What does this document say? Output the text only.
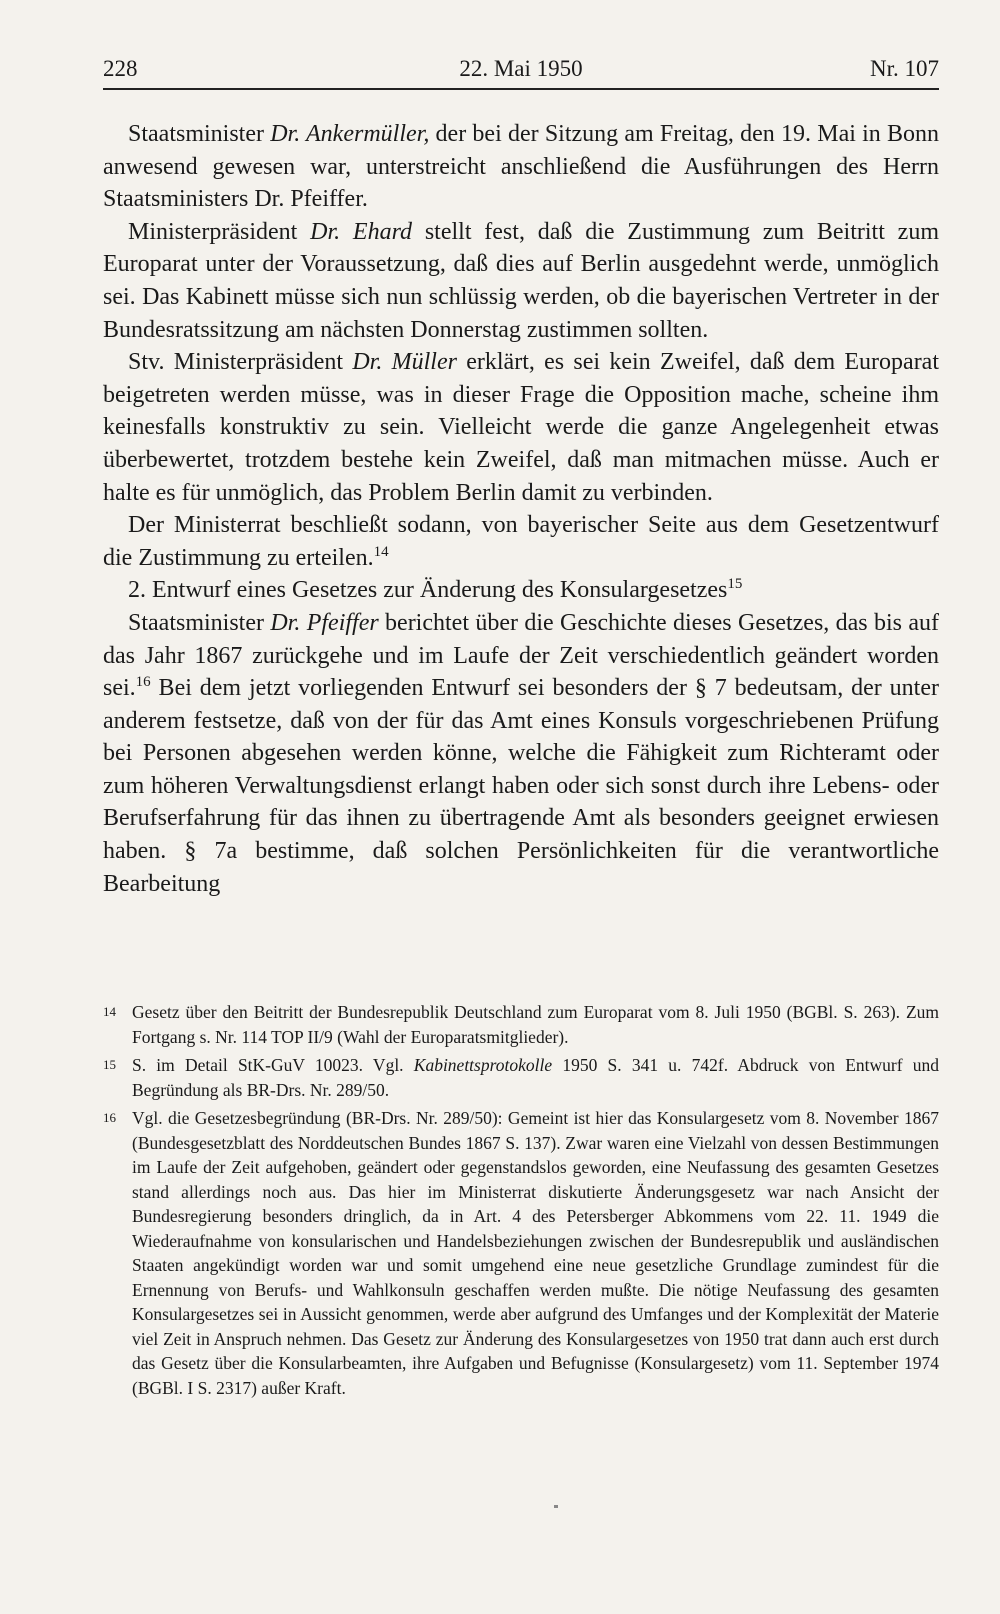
228	22. Mai 1950	Nr. 107

Staatsminister Dr. Ankermüller, der bei der Sitzung am Freitag, den 19. Mai in Bonn anwesend gewesen war, unterstreicht anschließend die Ausführungen des Herrn Staatsministers Dr. Pfeiffer.

Ministerpräsident Dr. Ehard stellt fest, daß die Zustimmung zum Beitritt zum Europarat unter der Voraussetzung, daß dies auf Berlin ausgedehnt werde, unmöglich sei. Das Kabinett müsse sich nun schlüssig werden, ob die bayerischen Vertreter in der Bundesratssitzung am nächsten Donnerstag zustimmen sollten.

Stv. Ministerpräsident Dr. Müller erklärt, es sei kein Zweifel, daß dem Europarat beigetreten werden müsse, was in dieser Frage die Opposition mache, scheine ihm keinesfalls konstruktiv zu sein. Vielleicht werde die ganze Angelegenheit etwas überbewertet, trotzdem bestehe kein Zweifel, daß man mitmachen müsse. Auch er halte es für unmöglich, das Problem Berlin damit zu verbinden.

Der Ministerrat beschließt sodann, von bayerischer Seite aus dem Gesetzentwurf die Zustimmung zu erteilen.$^{14}$

2. Entwurf eines Gesetzes zur Änderung des Konsulargesetzes$^{15}$

Staatsminister Dr. Pfeiffer berichtet über die Geschichte dieses Gesetzes, das bis auf das Jahr 1867 zurückgehe und im Laufe der Zeit verschiedentlich geändert worden sei.$^{16}$ Bei dem jetzt vorliegenden Entwurf sei besonders der § 7 bedeutsam, der unter anderem festsetze, daß von der für das Amt eines Konsuls vorgeschriebenen Prüfung bei Personen abgesehen werden könne, welche die Fähigkeit zum Richteramt oder zum höheren Verwaltungsdienst erlangt haben oder sich sonst durch ihre Lebens- oder Berufserfahrung für das ihnen zu übertragende Amt als besonders geeignet erwiesen haben. § 7a bestimme, daß solchen Persönlichkeiten für die verantwortliche Bearbeitung

14 Gesetz über den Beitritt der Bundesrepublik Deutschland zum Europarat vom 8. Juli 1950 (BGBl. S. 263). Zum Fortgang s. Nr. 114 TOP II/9 (Wahl der Europaratsmitglieder).
15 S. im Detail StK-GuV 10023. Vgl. Kabinettsprotokolle 1950 S. 341 u. 742f. Abdruck von Entwurf und Begründung als BR-Drs. Nr. 289/50.
16 Vgl. die Gesetzesbegründung (BR-Drs. Nr. 289/50): Gemeint ist hier das Konsulargesetz vom 8. November 1867 (Bundesgesetzblatt des Norddeutschen Bundes 1867 S. 137). Zwar waren eine Vielzahl von dessen Bestimmungen im Laufe der Zeit aufgehoben, geändert oder gegenstandslos geworden, eine Neufassung des gesamten Gesetzes stand allerdings noch aus. Das hier im Ministerrat diskutierte Änderungsgesetz war nach Ansicht der Bundesregierung besonders dringlich, da in Art. 4 des Petersberger Abkommens vom 22. 11. 1949 die Wiederaufnahme von konsularischen und Handelsbeziehungen zwischen der Bundesrepublik und ausländischen Staaten angekündigt worden war und somit umgehend eine neue gesetzliche Grundlage zumindest für die Ernennung von Berufs- und Wahlkonsuln geschaffen werden mußte. Die nötige Neufassung des gesamten Konsulargesetzes sei in Aussicht genommen, werde aber aufgrund des Umfanges und der Komplexität der Materie viel Zeit in Anspruch nehmen. Das Gesetz zur Änderung des Konsulargesetzes von 1950 trat dann auch erst durch das Gesetz über die Konsularbeamten, ihre Aufgaben und Befugnisse (Konsulargesetz) vom 11. September 1974 (BGBl. I S. 2317) außer Kraft.
